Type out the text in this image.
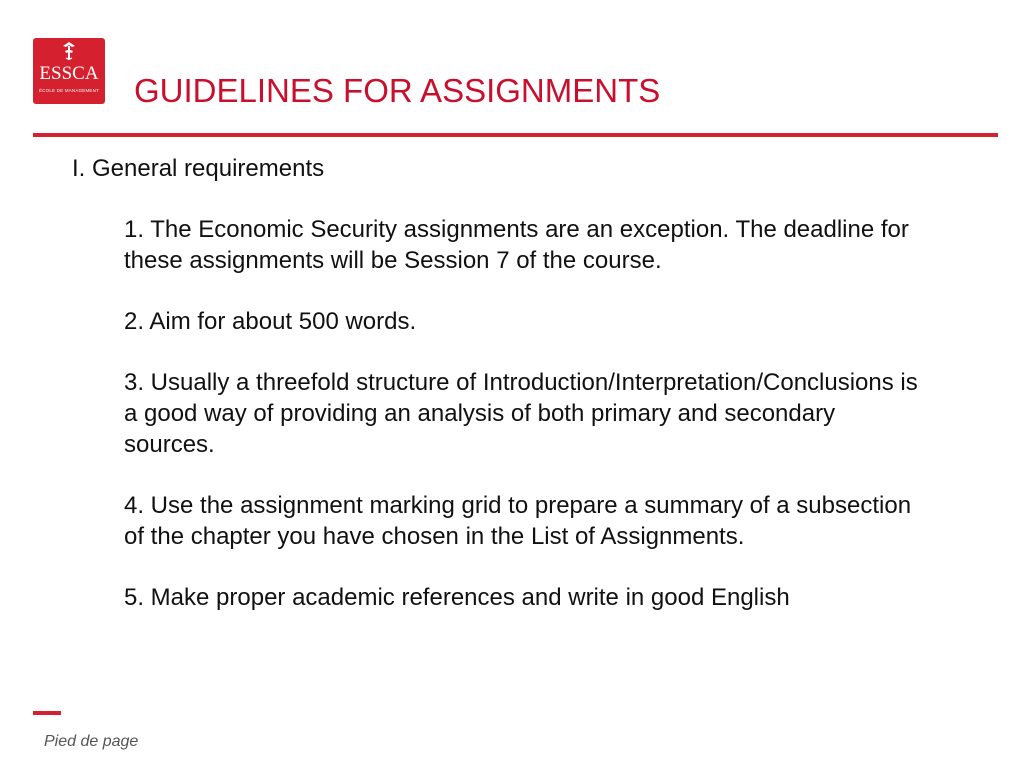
ESSCA
ÉCOLE DE MANAGEMENT GUIDELINES FOR ASSIGNMENTS
I. General requirements
1. The Economic Security assignments are an exception. The deadline for these assignments will be Session 7 of the course.
2. Aim for about 500 words.
3. Usually a threefold structure of Introduction/Interpretation/Conclusions is a good way of providing an analysis of both primary and secondary sources.
4. Use the assignment marking grid to prepare a summary of a subsection of the chapter you have chosen in the List of Assignments.
5. Make proper academic references and write in good English
Pied de page
